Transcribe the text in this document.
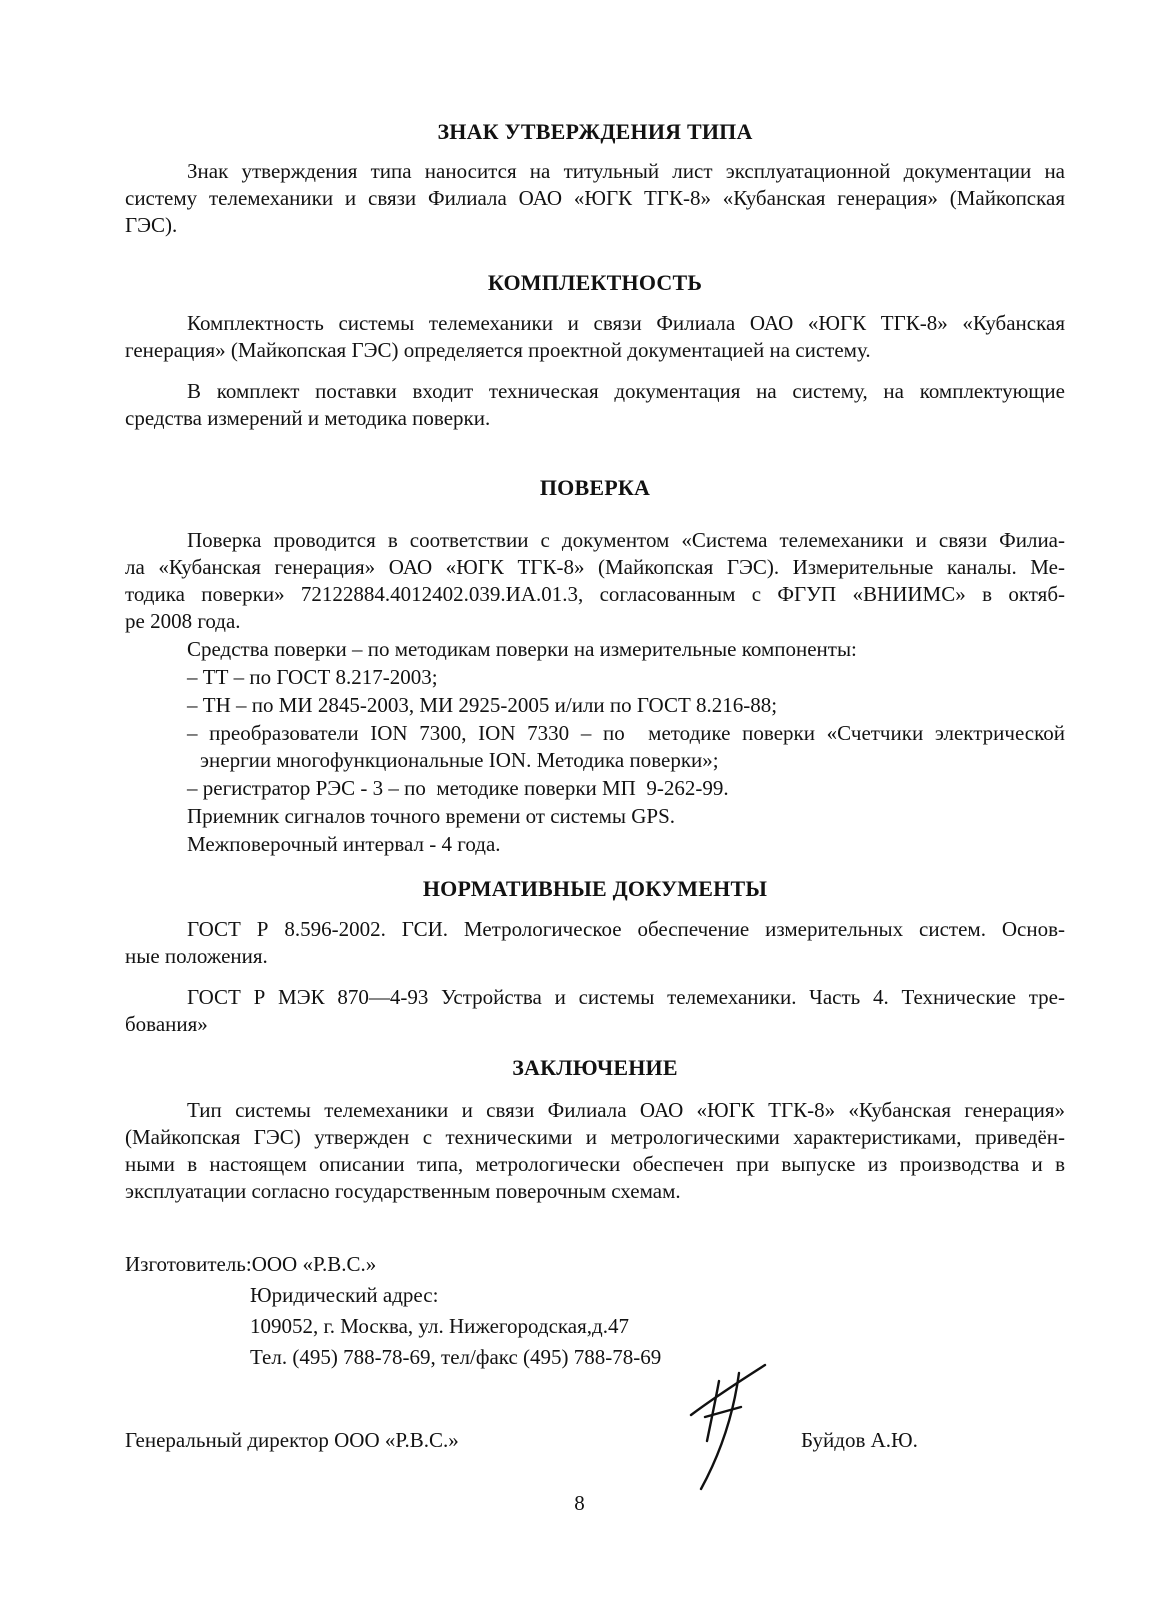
ЗНАК УТВЕРЖДЕНИЯ ТИПА
Знак утверждения типа наносится на титульный лист эксплуатационной документации на
систему телемеханики и связи Филиала ОАО «ЮГК ТГК-8» «Кубанская генерация» (Майкопская
ГЭС).
КОМПЛЕКТНОСТЬ
Комплектность системы телемеханики и связи Филиала ОАО «ЮГК ТГК-8» «Кубанская
генерация» (Майкопская ГЭС) определяется проектной документацией на систему.
В комплект поставки входит техническая документация на систему, на комплектующие
средства измерений и методика поверки.
ПОВЕРКА
Поверка проводится в соответствии с документом «Система телемеханики и связи Филиа-
ла «Кубанская генерация» ОАО «ЮГК ТГК-8» (Майкопская ГЭС). Измерительные каналы. Ме-
тодика поверки» 72122884.4012402.039.ИА.01.3, согласованным с ФГУП «ВНИИМС» в октяб-
ре 2008 года.
Средства поверки – по методикам поверки на измерительные компоненты:
– ТТ – по ГОСТ 8.217-2003;
– ТН – по МИ 2845-2003, МИ 2925-2005 и/или по ГОСТ 8.216-88;
– преобразователи ION 7300, ION 7330 – по  методике поверки «Счетчики электрической
энергии многофункциональные ION. Методика поверки»;
– регистратор РЭС - 3 – по  методике поверки МП  9-262-99.
Приемник сигналов точного времени от системы GPS.
Межповерочный интервал - 4 года.
НОРМАТИВНЫЕ ДОКУМЕНТЫ
ГОСТ Р 8.596-2002. ГСИ. Метрологическое обеспечение измерительных систем. Основ-
ные положения.
ГОСТ Р МЭК 870—4-93 Устройства и системы телемеханики. Часть 4. Технические тре-
бования»
ЗАКЛЮЧЕНИЕ
Тип системы телемеханики и связи Филиала ОАО «ЮГК ТГК-8» «Кубанская генерация»
(Майкопская ГЭС) утвержден с техническими и метрологическими характеристиками, приведён-
ными в настоящем описании типа, метрологически обеспечен при выпуске из производства и в
эксплуатации согласно государственным поверочным схемам.
Изготовитель:ООО «Р.В.С.»
Юридический адрес:
109052, г. Москва, ул. Нижегородская,д.47
Тел. (495) 788-78-69, тел/факс (495) 788-78-69
Генеральный директор ООО «Р.В.С.»	Буйдов А.Ю.
8
